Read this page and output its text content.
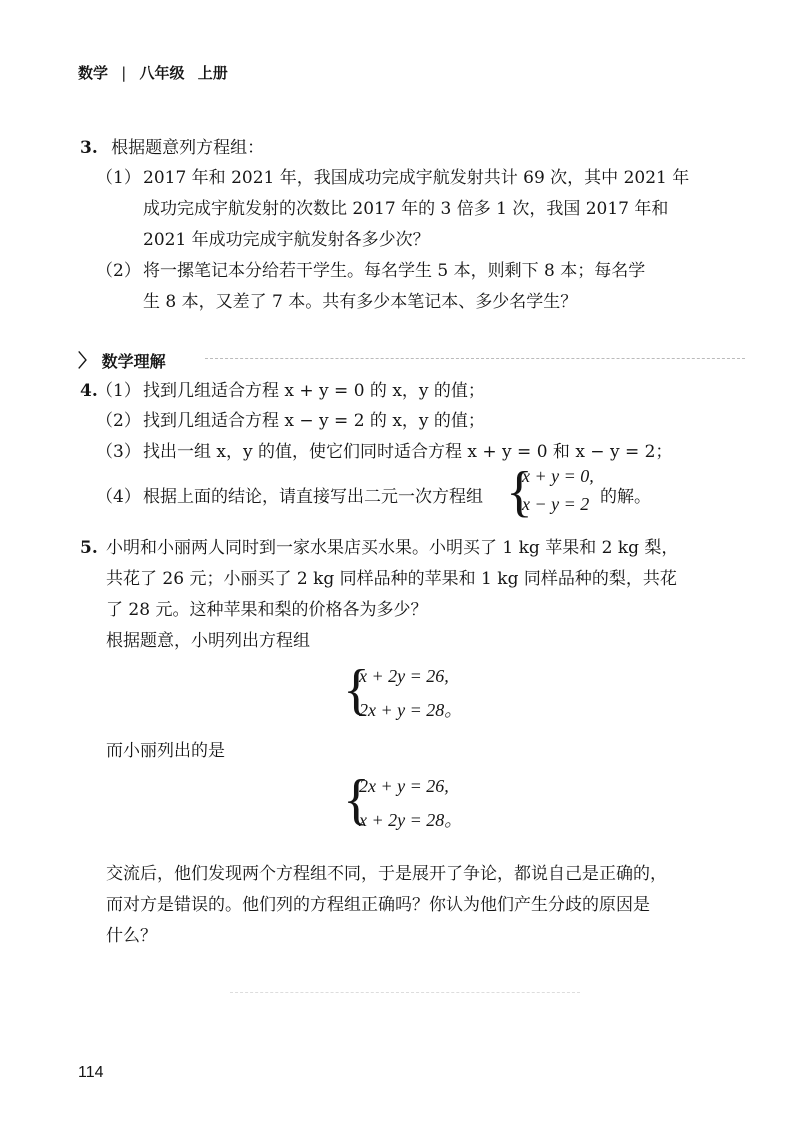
数学 | 八年级 上册
3. 根据题意列方程组：
（1） 2017 年和 2021 年，我国成功完成宇航发射共计 69 次，其中 2021 年
成功完成宇航发射的次数比 2017 年的 3 倍多 1 次，我国 2017 年和
2021 年成功完成宇航发射各多少次？
（2） 将一摞笔记本分给若干学生。每名学生 5 本，则剩下 8 本；每名学
生 8 本，又差了 7 本。共有多少本笔记本、多少名学生？
〉 数学理解
4.
（1） 找到几组适合方程 x + y = 0 的 x，y 的值；
（2） 找到几组适合方程 x − y = 2 的 x，y 的值；
（3） 找出一组 x，y 的值，使它们同时适合方程 x + y = 0 和 x − y = 2；
（4） 根据上面的结论，请直接写出二元一次方程组 {
x + y = 0,
x − y = 2 的解。
5. 小明和小丽两人同时到一家水果店买水果。小明买了 1 kg 苹果和 2 kg 梨，
共花了 26 元；小丽买了 2 kg 同样品种的苹果和 1 kg 同样品种的梨，共花
了 28 元。这种苹果和梨的价格各为多少？
根据题意，小明列出方程组
{
x + 2y = 26,
2x + y = 28。
而小丽列出的是
{
2x + y = 26,
x + 2y = 28。
交流后，他们发现两个方程组不同，于是展开了争论，都说自己是正确的，
而对方是错误的。他们列的方程组正确吗？你认为他们产生分歧的原因是
什么？
114
